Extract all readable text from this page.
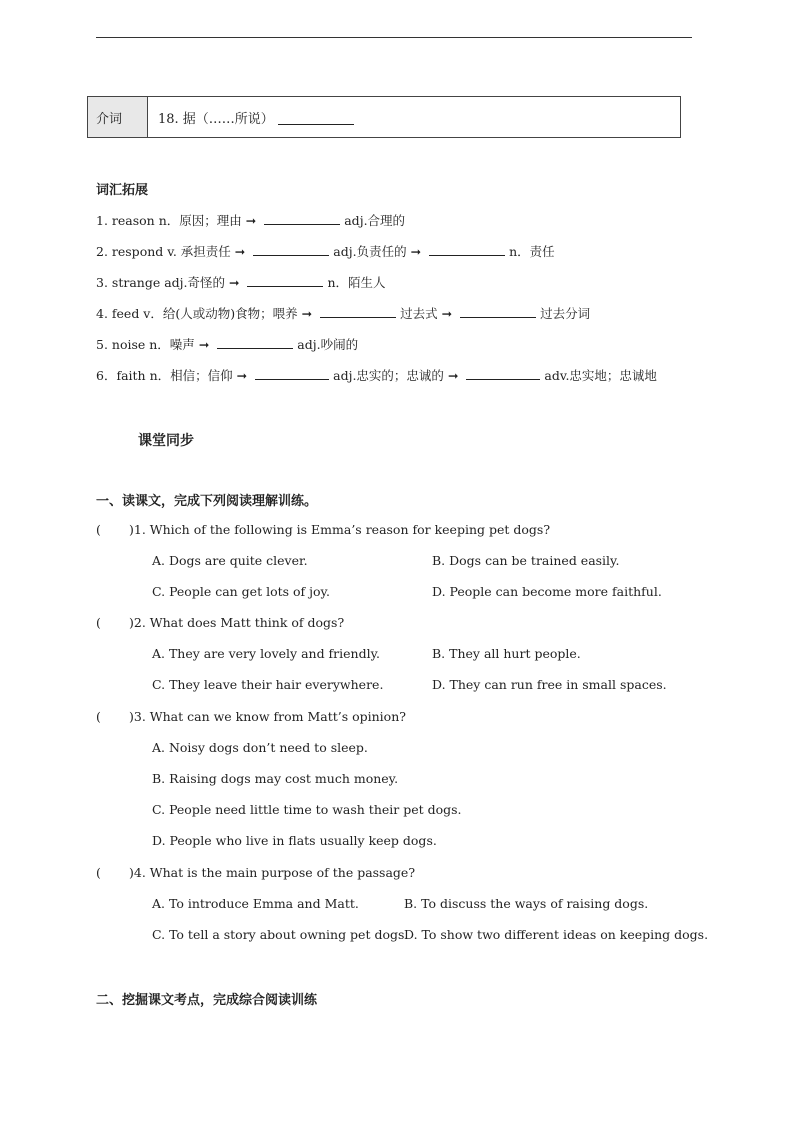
介词	18. 据（……所说）
词汇拓展
1. reason n．原因；理由 ➞	adj.合理的
2. respond v. 承担责任 ➞	adj.负责任的 ➞	n．责任
3. strange adj.奇怪的 ➞	n．陌生人
4. feed v．给(人或动物)食物；喂养 ➞	过去式 ➞	过去分词
5. noise n．噪声 ➞	adj.吵闹的
6．faith n．相信；信仰 ➞	adj.忠实的；忠诚的 ➞	adv.忠实地；忠诚地
课堂同步
一、读课文，完成下列阅读理解训练。
( )1. Which of the following is Emma’s reason for keeping pet dogs?
A. Dogs are quite clever.	B. Dogs can be trained easily.
C. People can get lots of joy.	D. People can become more faithful.
( )2. What does Matt think of dogs?
A. They are very lovely and friendly.	B. They all hurt people.
C. They leave their hair everywhere.	D. They can run free in small spaces.
( )3. What can we know from Matt’s opinion?
A. Noisy dogs don’t need to sleep.
B. Raising dogs may cost much money.
C. People need little time to wash their pet dogs.
D. People who live in flats usually keep dogs.
( )4. What is the main purpose of the passage?
A. To introduce Emma and Matt.	B. To discuss the ways of raising dogs.
C. To tell a story about owning pet dogs.
D. To show two different ideas on keeping dogs.
二、挖掘课文考点，完成综合阅读训练
